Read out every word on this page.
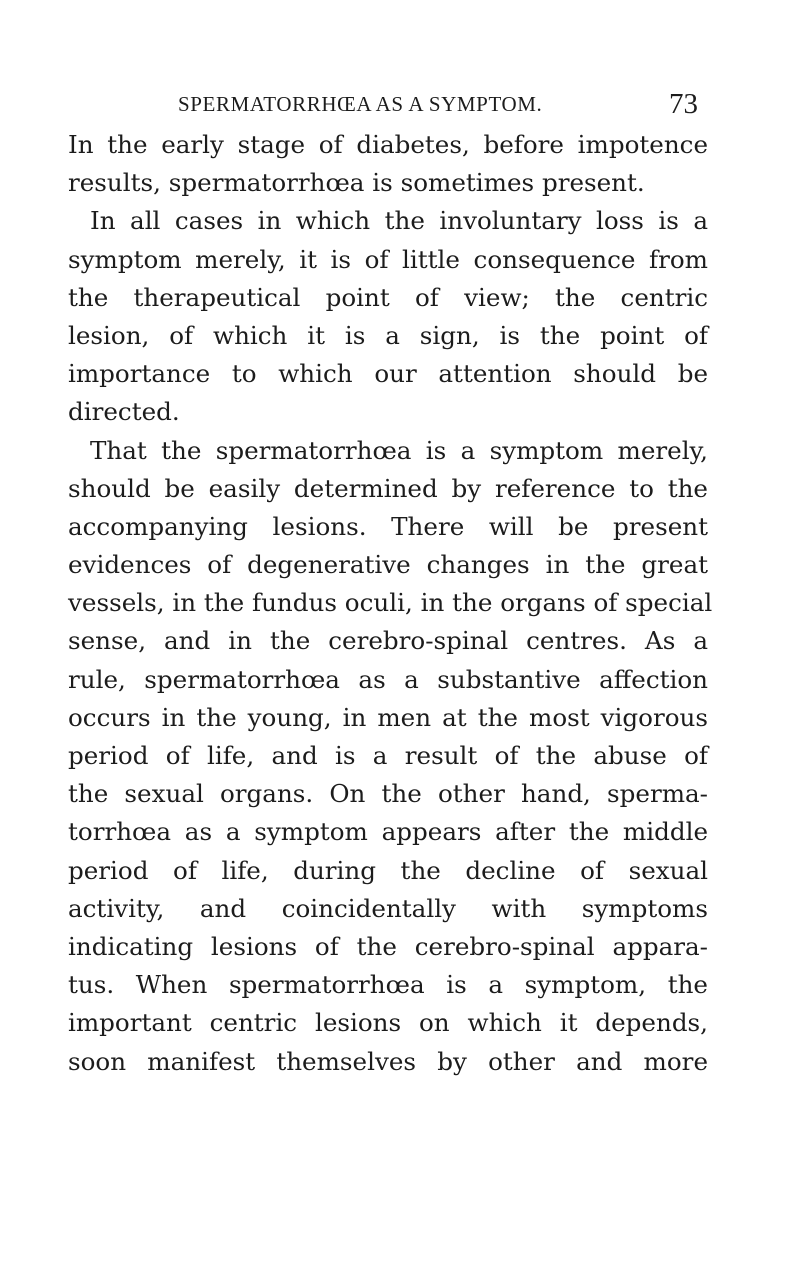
SPERMATORRHŒA AS A SYMPTOM.	73
In the early stage of diabetes, before impotence
results, spermatorrhœa is sometimes present.
In all cases in which the involuntary loss is a
symptom merely, it is of little consequence from
the therapeutical point of view; the centric
lesion, of which it is a sign, is the point of
importance to which our attention should be
directed.
That the spermatorrhœa is a symptom merely,
should be easily determined by reference to the
accompanying lesions. There will be present
evidences of degenerative changes in the great
vessels, in the fundus oculi, in the organs of special
sense, and in the cerebro-spinal centres. As a
rule, spermatorrhœa as a substantive affection
occurs in the young, in men at the most vigorous
period of life, and is a result of the abuse of
the sexual organs. On the other hand, sperma-
torrhœa as a symptom appears after the middle
period of life, during the decline of sexual
activity, and coincidentally with symptoms
indicating lesions of the cerebro-spinal appara-
tus. When spermatorrhœa is a symptom, the
important centric lesions on which it depends,
soon manifest themselves by other and more
